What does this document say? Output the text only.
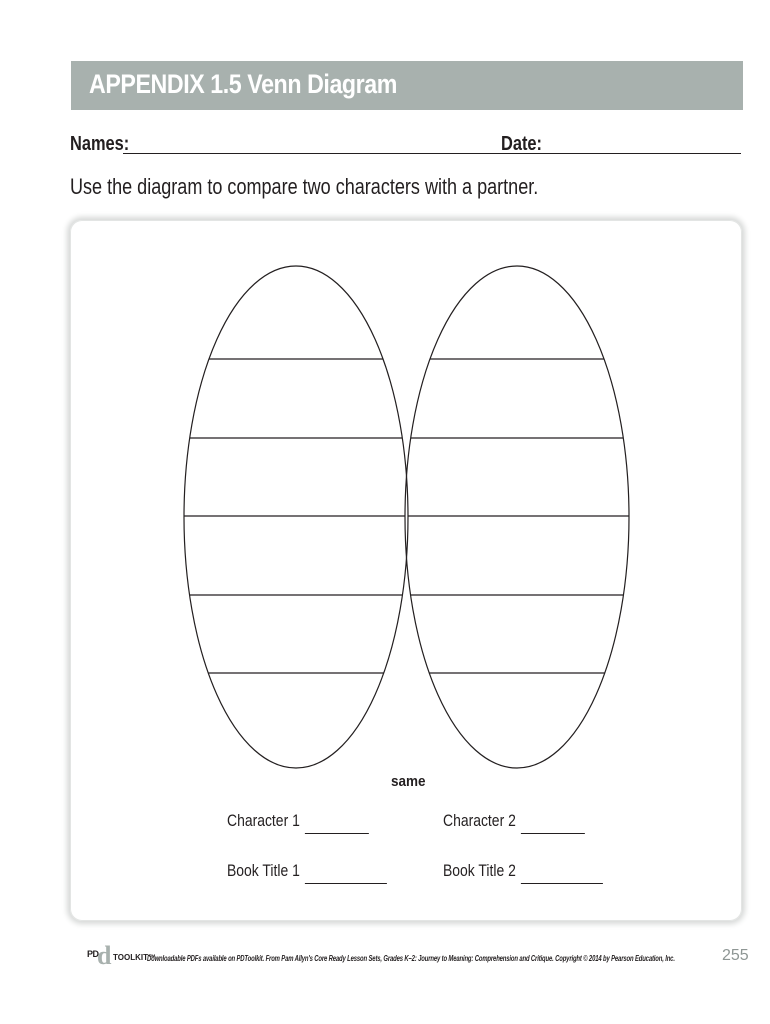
APPENDIX 1.5 Venn Diagram
Names:	Date:
Use the diagram to compare two characters with a partner.
same
Character 1	Character 2
Book Title 1	Book Title 2
PD
d TOOLKIT™
Downloadable PDFs available on PDToolkit. From Pam Allyn's Core Ready Lesson Sets, Grades K–2: Journey to Meaning: Comprehension and Critique. Copyright © 2014 by Pearson Education, Inc.	255
